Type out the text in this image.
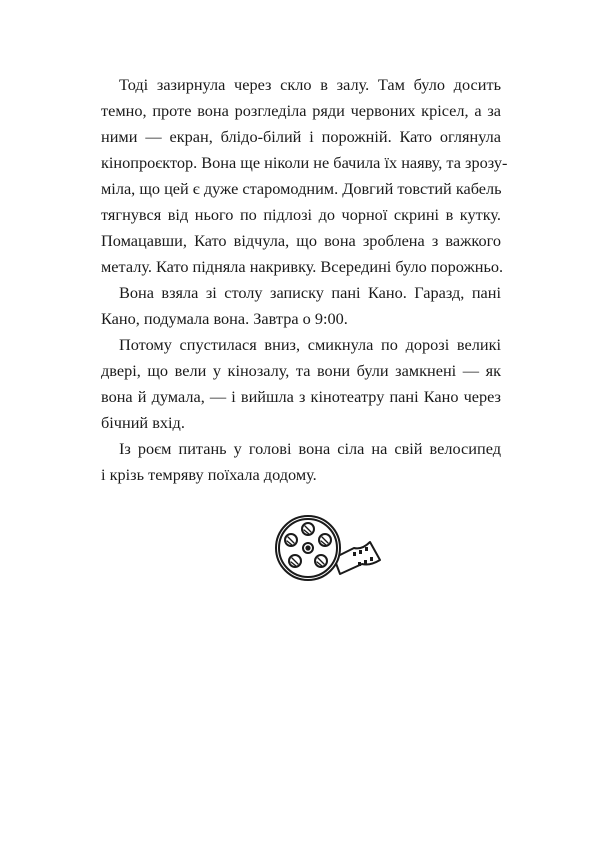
Тоді зазирнула через скло в залу. Там було досить
темно, проте вона розгледіла ряди червоних крісел, а за
ними — екран, блідо-білий і порожній. Като оглянула
кінопроєктор. Вона ще ніколи не бачила їх наяву, та зрозу-
міла, що цей є дуже старомодним. Довгий товстий кабель
тягнувся від нього по підлозі до чорної скрині в кутку.
Помацавши, Като відчула, що вона зроблена з важкого
металу. Като підняла накривку. Всередині було порожньо.
Вона взяла зі столу записку пані Кано. Гаразд, пані
Кано, подумала вона. Завтра о 9:00.
Потому спустилася вниз, смикнула по дорозі великі
двері, що вели у кінозалу, та вони були замкнені — як
вона й думала, — і вийшла з кінотеатру пані Кано через
бічний вхід.
Із роєм питань у голові вона сіла на свій велосипед
і крізь темряву поїхала додому.
